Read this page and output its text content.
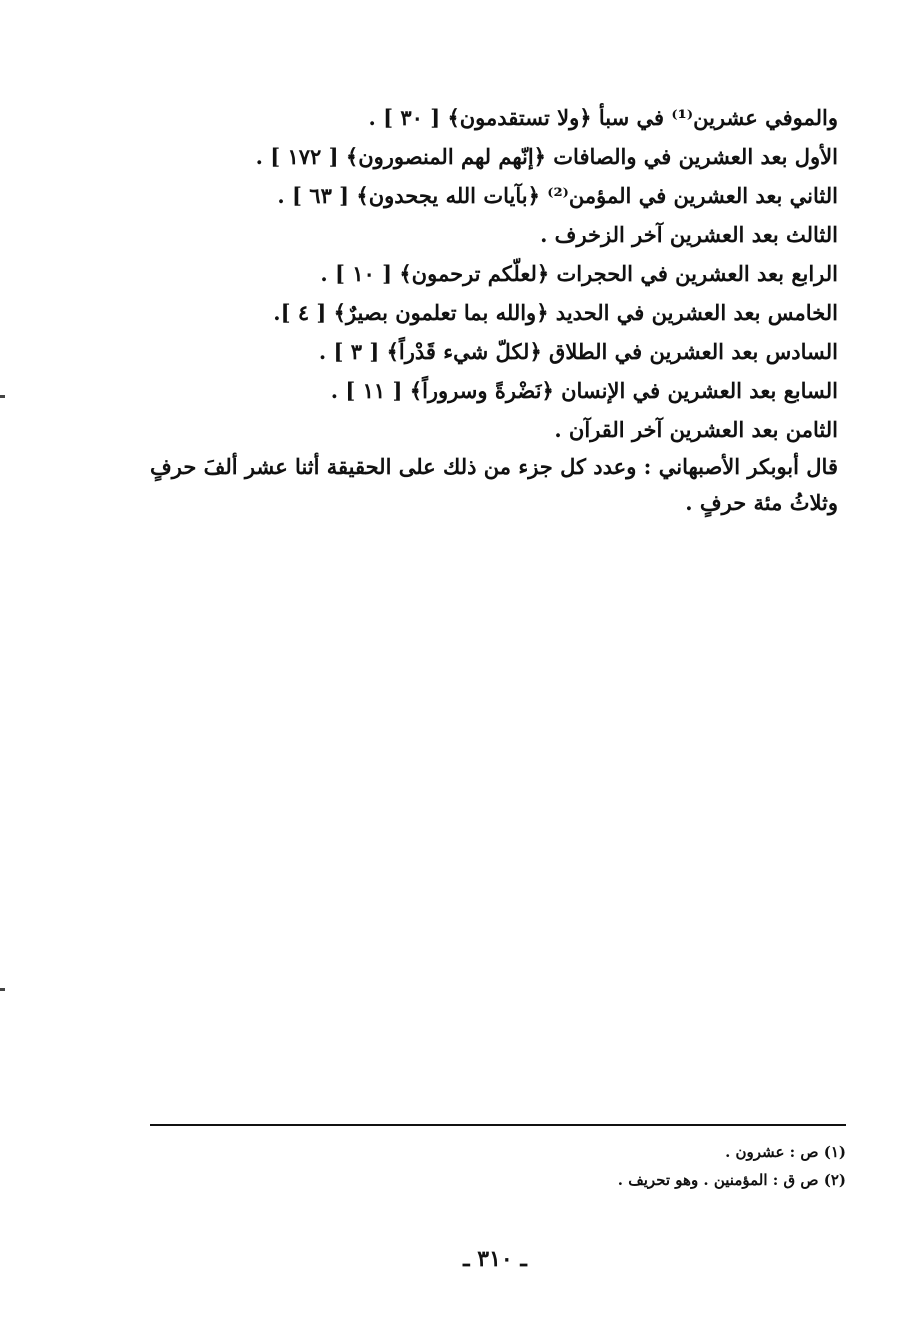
والموفي عشرين⁽¹⁾ في سبأ ﴿ولا تستقدمون﴾ [ ٣٠ ] .
الأول بعد العشرين في والصافات ﴿إنّهم لهم المنصورون﴾ [ ١٧٢ ] .
الثاني بعد العشرين في المؤمن⁽²⁾ ﴿بآيات الله يجحدون﴾ [ ٦٣ ] .
الثالث بعد العشرين آخر الزخرف .
الرابع بعد العشرين في الحجرات ﴿لعلّكم ترحمون﴾ [ ١٠ ] .
الخامس بعد العشرين في الحديد ﴿والله بما تعلمون بصيرٌ﴾ [ ٤ ].
السادس بعد العشرين في الطلاق ﴿لكلّ شيء قَدْراً﴾ [ ٣ ] .
السابع بعد العشرين في الإنسان ﴿نَضْرةً وسروراً﴾ [ ١١ ] .
الثامن بعد العشرين آخر القرآن .
قال أبوبكر الأصبهاني : وعدد كل جزء من ذلك على الحقيقة أثنا عشر ألفَ حرفٍ
وثلاثُ مئة حرفٍ .
(١) ص : عشرون .
(٢) ص ق : المؤمنين . وهو تحريف .
ـ ٣١٠ ـ
